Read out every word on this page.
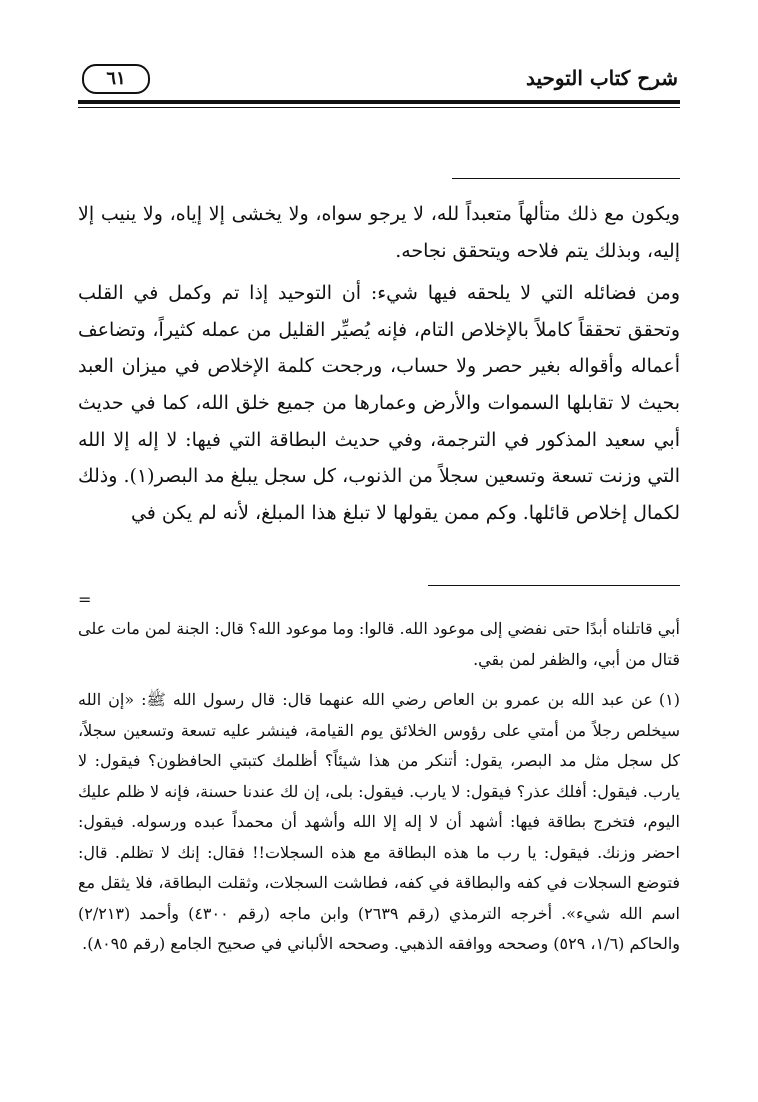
شرح كتاب التوحيد
٦١

ويكون مع ذلك متألهاً متعبداً لله، لا يرجو سواه، ولا يخشى إلا إياه، ولا ينيب إلا إليه، وبذلك يتم فلاحه ويتحقق نجاحه.

ومن فضائله التي لا يلحقه فيها شيء: أن التوحيد إذا تم وكمل في القلب وتحقق تحققاً كاملاً بالإخلاص التام، فإنه يُصيِّر القليل من عمله كثيراً، وتضاعف أعماله وأقواله بغير حصر ولا حساب، ورجحت كلمة الإخلاص في ميزان العبد بحيث لا تقابلها السموات والأرض وعمارها من جميع خلق الله، كما في حديث أبي سعيد المذكور في الترجمة، وفي حديث البطاقة التي فيها: لا إله إلا الله التي وزنت تسعة وتسعين سجلاً من الذنوب، كل سجل يبلغ مد البصر(١). وذلك لكمال إخلاص قائلها. وكم ممن يقولها لا تبلغ هذا المبلغ، لأنه لم يكن في

=

أبي قاتلناه أبدًا حتى نفضي إلى موعود الله. قالوا: وما موعود الله؟ قال: الجنة لمن مات على قتال من أبي، والظفر لمن بقي.

(١)عن عبد الله بن عمرو بن العاص رضي الله عنهما قال: قال رسول الله ﷺ: «إن الله سيخلص رجلاً من أمتي على رؤوس الخلائق يوم القيامة، فينشر عليه تسعة وتسعين سجلاً، كل سجل مثل مد البصر، يقول: أتنكر من هذا شيئاً؟ أظلمك كتبتي الحافظون؟ فيقول: لا يارب. فيقول: أفلك عذر؟ فيقول: لا يارب. فيقول: بلى، إن لك عندنا حسنة، فإنه لا ظلم عليك اليوم، فتخرج بطاقة فيها: أشهد أن لا إله إلا الله وأشهد أن محمداً عبده ورسوله. فيقول: احضر وزنك. فيقول: يا رب ما هذه البطاقة مع هذه السجلات!! فقال: إنك لا تظلم. قال: فتوضع السجلات في كفه والبطاقة في كفه، فطاشت السجلات، وثقلت البطاقة، فلا يثقل مع اسم الله شيء». أخرجه الترمذي (رقم ٢٦٣٩) وابن ماجه (رقم ٤٣٠٠) وأحمد (٢/٢١٣) والحاكم (١/٦، ٥٢٩) وصححه ووافقه الذهبي. وصححه الألباني في صحيح الجامع (رقم ٨٠٩٥).
